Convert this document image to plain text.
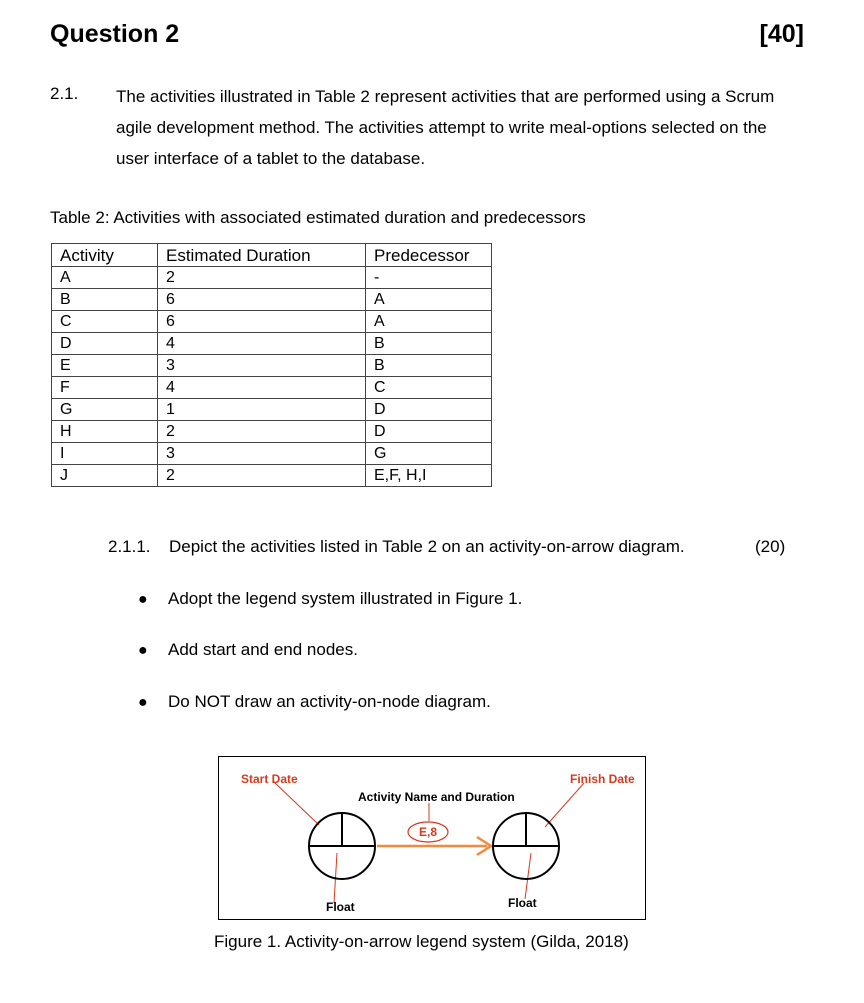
Question 2	[40]
2.1. The activities illustrated in Table 2 represent activities that are performed using a Scrum
agile development method. The activities attempt to write meal-options selected on the
user interface of a tablet to the database.
Table 2: Activities with associated estimated duration and predecessors
Activity	Estimated Duration	Predecessor
A	2	-
B	6	A
C	6	A
D	4	B
E	3	B
F	4	C
G	1	D
H	2	D
I	3	G
J	2	E,F, H,I
2.1.1. Depict the activities listed in Table 2 on an activity-on-arrow diagram.	(20)
● Adopt the legend system illustrated in Figure 1.
● Add start and end nodes.
● Do NOT draw an activity-on-node diagram.
E,8
Start Date	Finish Date
Activity Name and Duration
Float	Float
Figure 1. Activity-on-arrow legend system (Gilda, 2018)
